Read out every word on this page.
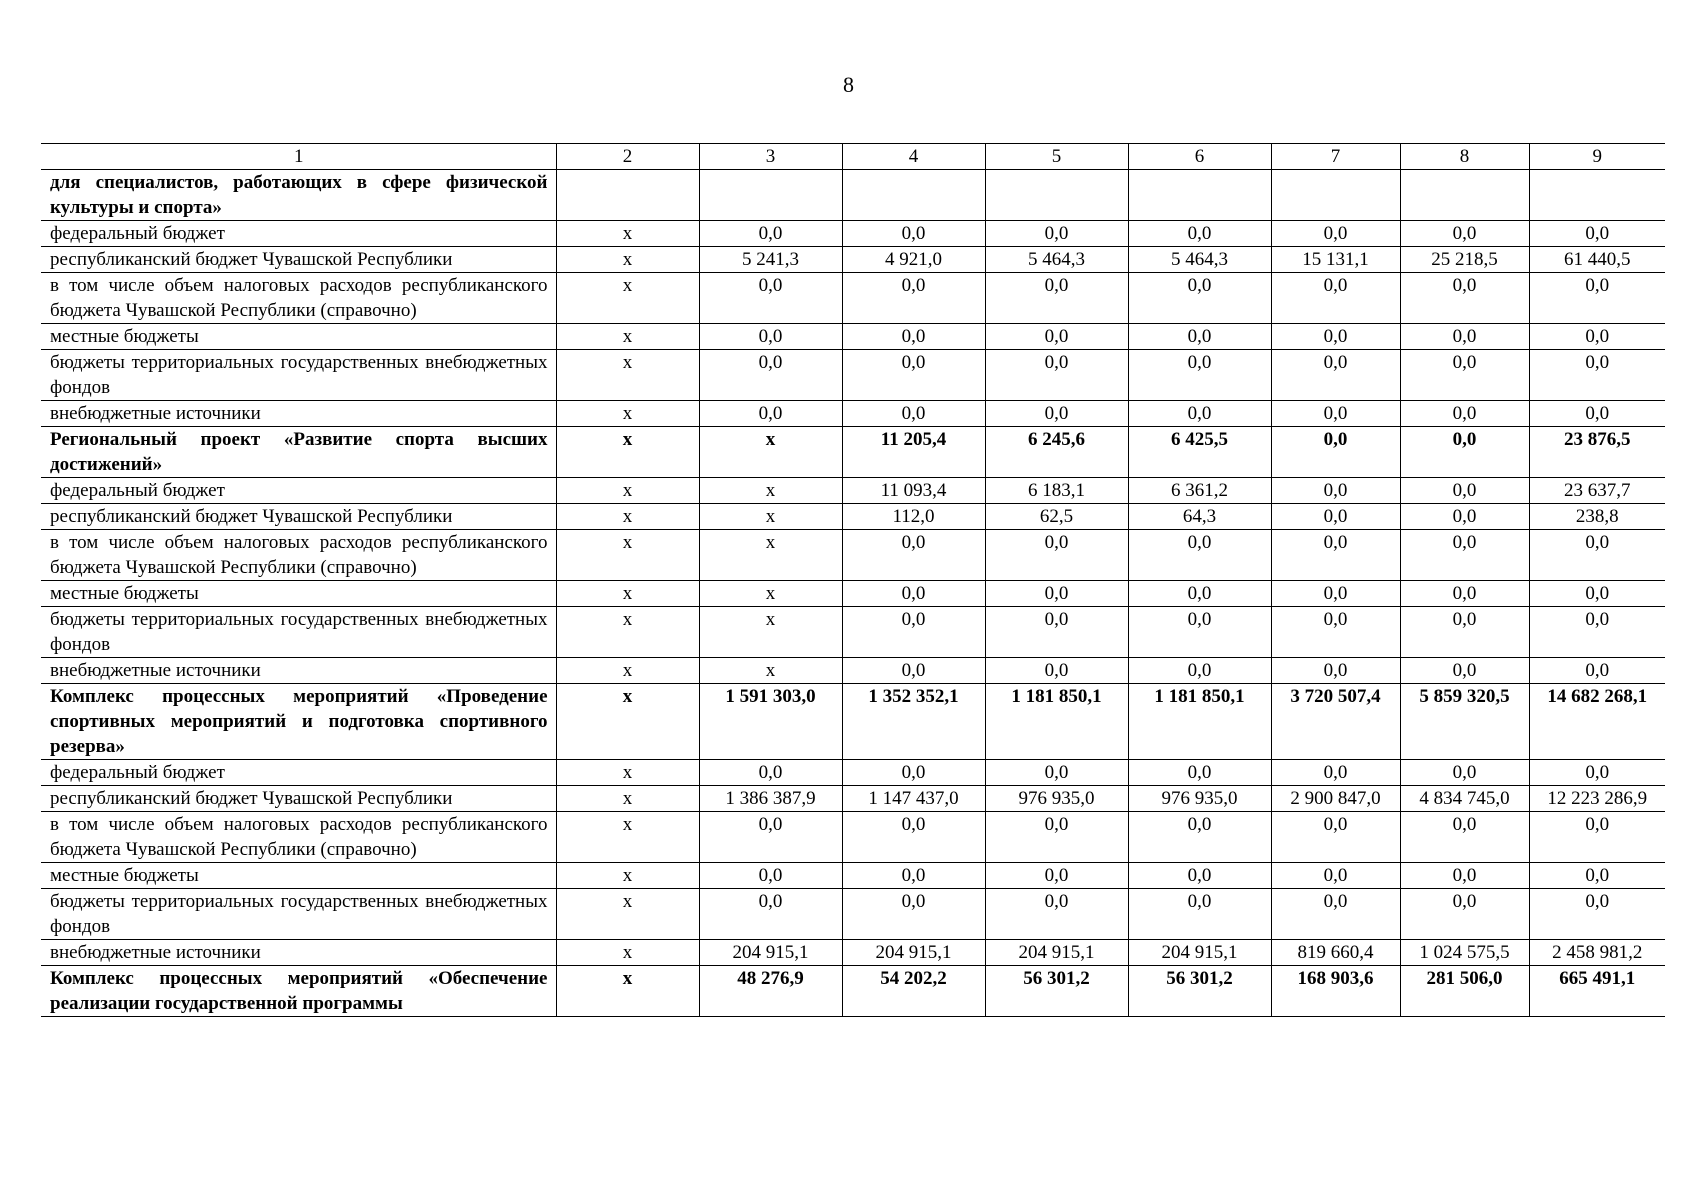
8
1	2	3	4	5	6	7	8	9
для специалистов, работающих в сфере физической культуры и спорта»								
федеральный бюджет	х	0,0	0,0	0,0	0,0	0,0	0,0	0,0
республиканский бюджет Чувашской Республики	х	5 241,3	4 921,0	5 464,3	5 464,3	15 131,1	25 218,5	61 440,5
в том числе объем налоговых расходов республиканского бюджета Чувашской Республики (справочно)	х	0,0	0,0	0,0	0,0	0,0	0,0	0,0
местные бюджеты	х	0,0	0,0	0,0	0,0	0,0	0,0	0,0
бюджеты территориальных государственных внебюджетных фондов	х	0,0	0,0	0,0	0,0	0,0	0,0	0,0
внебюджетные источники	х	0,0	0,0	0,0	0,0	0,0	0,0	0,0
Региональный проект «Развитие спорта высших достижений»	х	х	11 205,4	6 245,6	6 425,5	0,0	0,0	23 876,5
федеральный бюджет	х	х	11 093,4	6 183,1	6 361,2	0,0	0,0	23 637,7
республиканский бюджет Чувашской Республики	х	х	112,0	62,5	64,3	0,0	0,0	238,8
в том числе объем налоговых расходов республиканского бюджета Чувашской Республики (справочно)	х	х	0,0	0,0	0,0	0,0	0,0	0,0
местные бюджеты	х	х	0,0	0,0	0,0	0,0	0,0	0,0
бюджеты территориальных государственных внебюджетных фондов	х	х	0,0	0,0	0,0	0,0	0,0	0,0
внебюджетные источники	х	х	0,0	0,0	0,0	0,0	0,0	0,0
Комплекс процессных мероприятий «Проведение спортивных мероприятий и подготовка спортивного резерва»	х	1 591 303,0	1 352 352,1	1 181 850,1	1 181 850,1	3 720 507,4	5 859 320,5	14 682 268,1
федеральный бюджет	х	0,0	0,0	0,0	0,0	0,0	0,0	0,0
республиканский бюджет Чувашской Республики	х	1 386 387,9	1 147 437,0	976 935,0	976 935,0	2 900 847,0	4 834 745,0	12 223 286,9
в том числе объем налоговых расходов республиканского бюджета Чувашской Республики (справочно)	х	0,0	0,0	0,0	0,0	0,0	0,0	0,0
местные бюджеты	х	0,0	0,0	0,0	0,0	0,0	0,0	0,0
бюджеты территориальных государственных внебюджетных фондов	х	0,0	0,0	0,0	0,0	0,0	0,0	0,0
внебюджетные источники	х	204 915,1	204 915,1	204 915,1	204 915,1	819 660,4	1 024 575,5	2 458 981,2
Комплекс процессных мероприятий «Обеспечение реализации государственной программы	х	48 276,9	54 202,2	56 301,2	56 301,2	168 903,6	281 506,0	665 491,1
